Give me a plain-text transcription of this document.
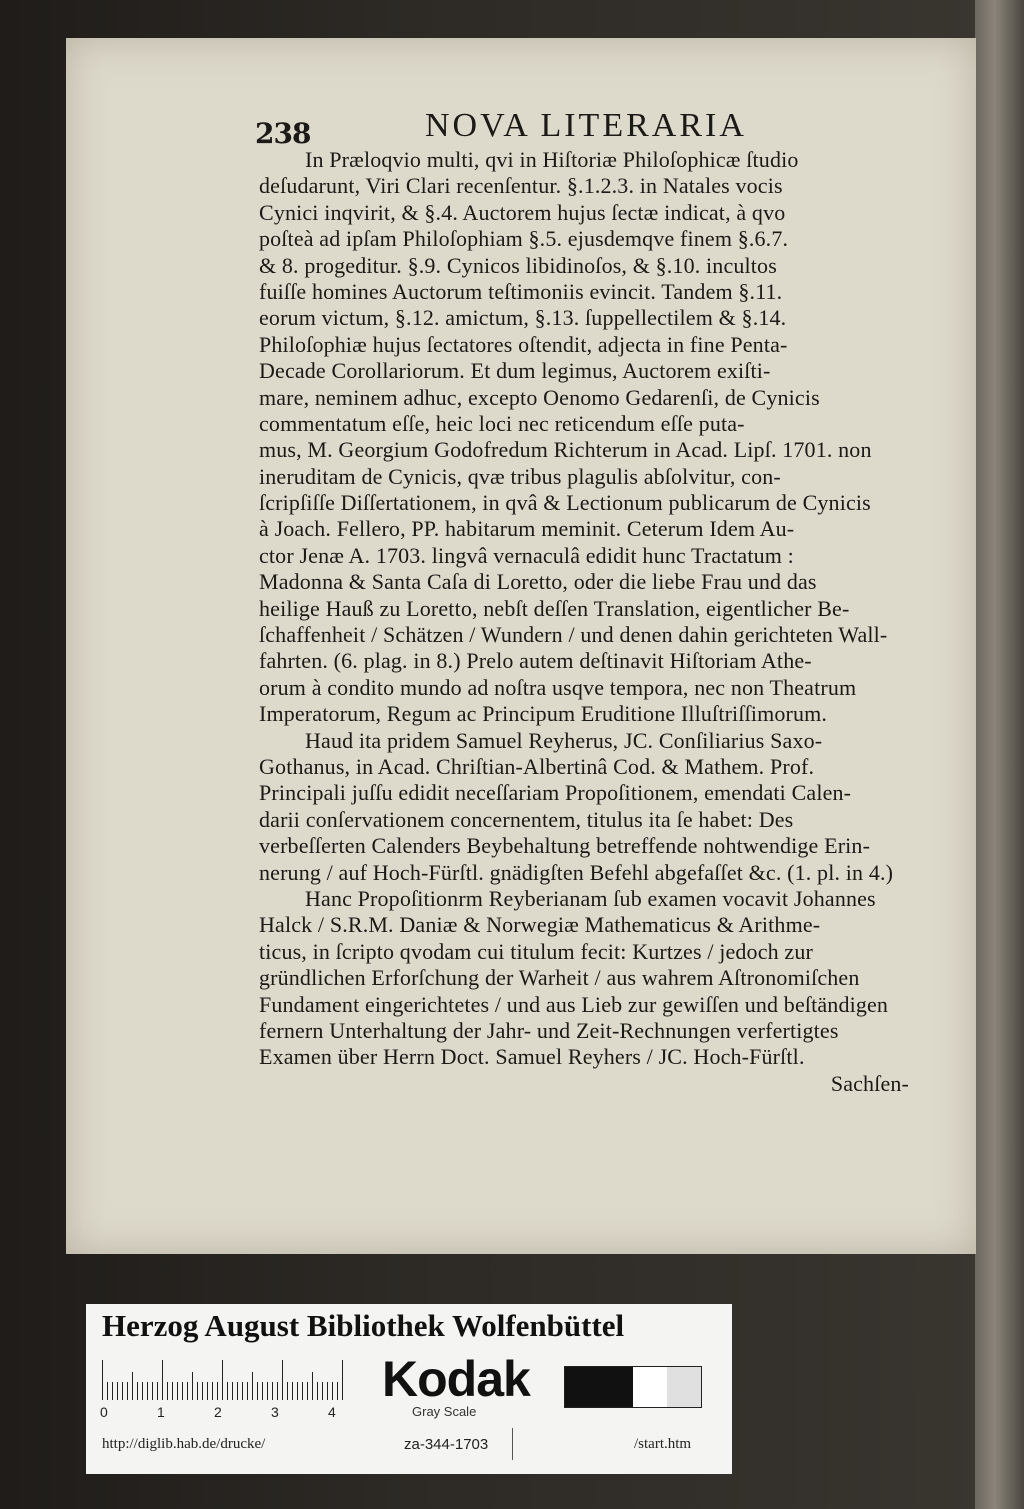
238	NOVA LITERARIA
In Præloqvio multi, qvi in Hiſtoriæ Philoſophicæ ſtudio
deſudarunt, Viri Clari recenſentur. §.1.2.3. in Natales vocis
Cynici inqvirit, & §.4. Auctorem hujus ſectæ indicat, à qvo
poſteà ad ipſam Philoſophiam §.5. ejusdemqve finem §.6.7.
& 8. progeditur. §.9. Cynicos libidinoſos, & §.10. incultos
fuiſſe homines Auctorum teſtimoniis evincit. Tandem §.11.
eorum victum, §.12. amictum, §.13. ſuppellectilem & §.14.
Philoſophiæ hujus ſectatores oſtendit, adjecta in fine Penta-
Decade Corollariorum. Et dum legimus, Auctorem exiſti-
mare, neminem adhuc, excepto Oenomo Gedarenſi, de Cynicis
commentatum eſſe, heic loci nec reticendum eſſe puta-
mus, M. Georgium Godofredum Richterum in Acad. Lipſ. 1701. non
ineruditam de Cynicis, qvæ tribus plagulis abſolvitur, con-
ſcripſiſſe Diſſertationem, in qvâ & Lectionum publicarum de Cynicis
à Joach. Fellero, PP. habitarum meminit. Ceterum Idem Au-
ctor Jenæ A. 1703. lingvâ vernaculâ edidit hunc Tractatum :
Madonna & Santa Caſa di Loretto, oder die liebe Frau und das
heilige Hauß zu Loretto, nebſt deſſen Translation, eigentlicher Be-
ſchaffenheit / Schätzen / Wundern / und denen dahin gerichteten Wall-
fahrten. (6. plag. in 8.) Prelo autem deſtinavit Hiſtoriam Athe-
orum à condito mundo ad noſtra usqve tempora, nec non Theatrum
Imperatorum, Regum ac Principum Eruditione Illuſtriſſimorum.
Haud ita pridem Samuel Reyherus, JC. Conſiliarius Saxo-
Gothanus, in Acad. Chriſtian-Albertinâ Cod. & Mathem. Prof.
Principali juſſu edidit neceſſariam Propoſitionem, emendati Calen-
darii conſervationem concernentem, titulus ita ſe habet: Des
verbeſſerten Calenders Beybehaltung betreffende nohtwendige Erin-
nerung / auf Hoch-Fürſtl. gnädigſten Befehl abgefaſſet &c. (1. pl. in 4.)
Hanc Propoſitionrm Reyberianam ſub examen vocavit Johannes
Halck / S.R.M. Daniæ & Norwegiæ Mathematicus & Arithme-
ticus, in ſcripto qvodam cui titulum fecit: Kurtzes / jedoch zur
gründlichen Erforſchung der Warheit / aus wahrem Aſtronomiſchen
Fundament eingerichtetes / und aus Lieb zur gewiſſen und beſtändigen
fernern Unterhaltung der Jahr- und Zeit-Rechnungen verfertigtes
Examen über Herrn Doct. Samuel Reyhers / JC. Hoch-Fürſtl.
Sachſen-
Herzog August Bibliothek Wolfenbüttel
0	1	2	3	4
Kodak
Gray Scale
http://diglib.hab.de/drucke/	za-344-1703	/start.htm
